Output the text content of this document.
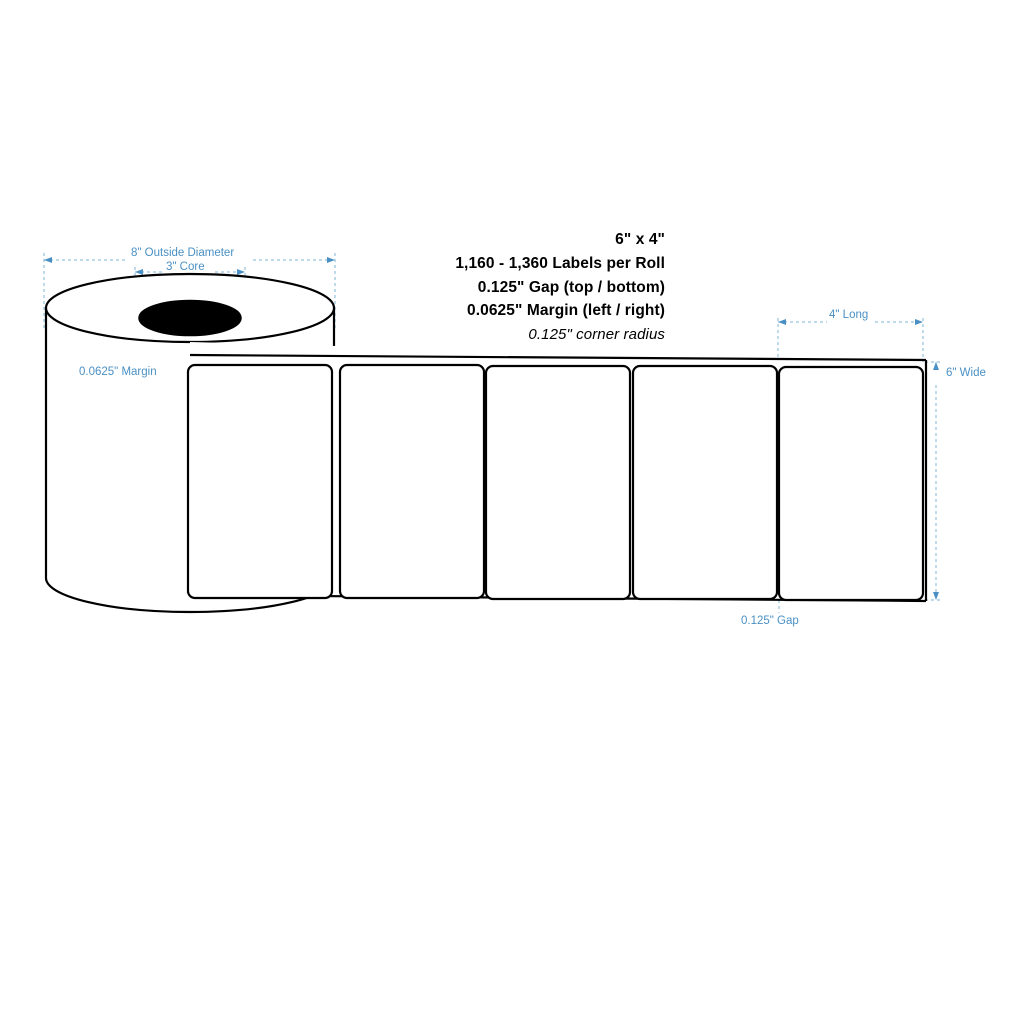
6" x 4"
1,160 - 1,360 Labels per Roll
0.125" Gap (top / bottom)
0.0625" Margin (left / right)
0.125" corner radius
8" Outside Diameter
3" Core
0.0625" Margin
4" Long
6" Wide
0.125" Gap
